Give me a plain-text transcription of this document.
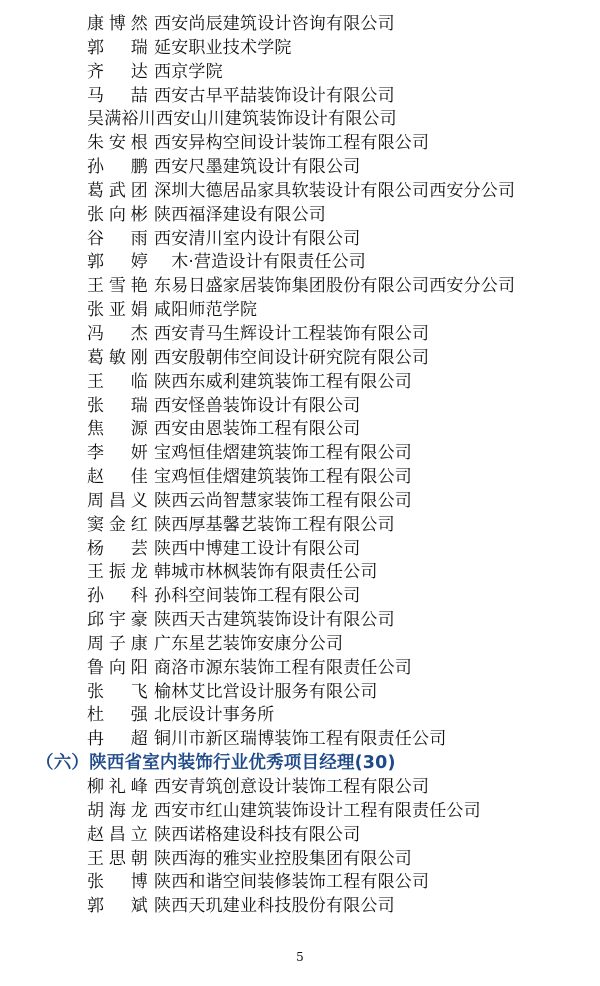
康博然 西安尚辰建筑设计咨询有限公司
郭　瑞 延安职业技术学院
齐　达 西京学院
马　喆 西安古早平喆装饰设计有限公司
吴满裕川西安山川建筑装饰设计有限公司
朱安根 西安异构空间设计装饰工程有限公司
孙　鹏 西安尺墨建筑设计有限公司
葛武团 深圳大德居品家具软装设计有限公司西安分公司
张向彬 陕西福泽建设有限公司
谷　雨 西安清川室内设计有限公司
郭　婷　木·营造设计有限责任公司
王雪艳 东易日盛家居装饰集团股份有限公司西安分公司
张亚娟 咸阳师范学院
冯　杰 西安青马生辉设计工程装饰有限公司
葛敏刚 西安殷朝伟空间设计研究院有限公司
王　临 陕西东威利建筑装饰工程有限公司
张　瑞 西安怪兽装饰设计有限公司
焦　源 西安由恩装饰工程有限公司
李　妍 宝鸡恒佳熠建筑装饰工程有限公司
赵　佳 宝鸡恒佳熠建筑装饰工程有限公司
周昌义 陕西云尚智慧家装饰工程有限公司
窦金红 陕西厚基馨艺装饰工程有限公司
杨　芸 陕西中博建工设计有限公司
王振龙 韩城市林枫装饰有限责任公司
孙　科 孙科空间装饰工程有限公司
邱宇豪 陕西天古建筑装饰设计有限公司
周子康 广东星艺装饰安康分公司
鲁向阳 商洛市源东装饰工程有限责任公司
张　飞 榆林艾比営设计服务有限公司
杜　强 北辰设计事务所
冉　超 铜川市新区瑞博装饰工程有限责任公司
（六）陕西省室内装饰行业优秀项目经理(30)
柳礼峰 西安青筑创意设计装饰工程有限公司
胡海龙 西安市红山建筑装饰设计工程有限责任公司
赵昌立 陕西诺格建设科技有限公司
王思朝 陕西海的雅实业控股集团有限公司
张　博 陕西和谐空间装修装饰工程有限公司
郭　斌 陕西天玑建业科技股份有限公司
5
